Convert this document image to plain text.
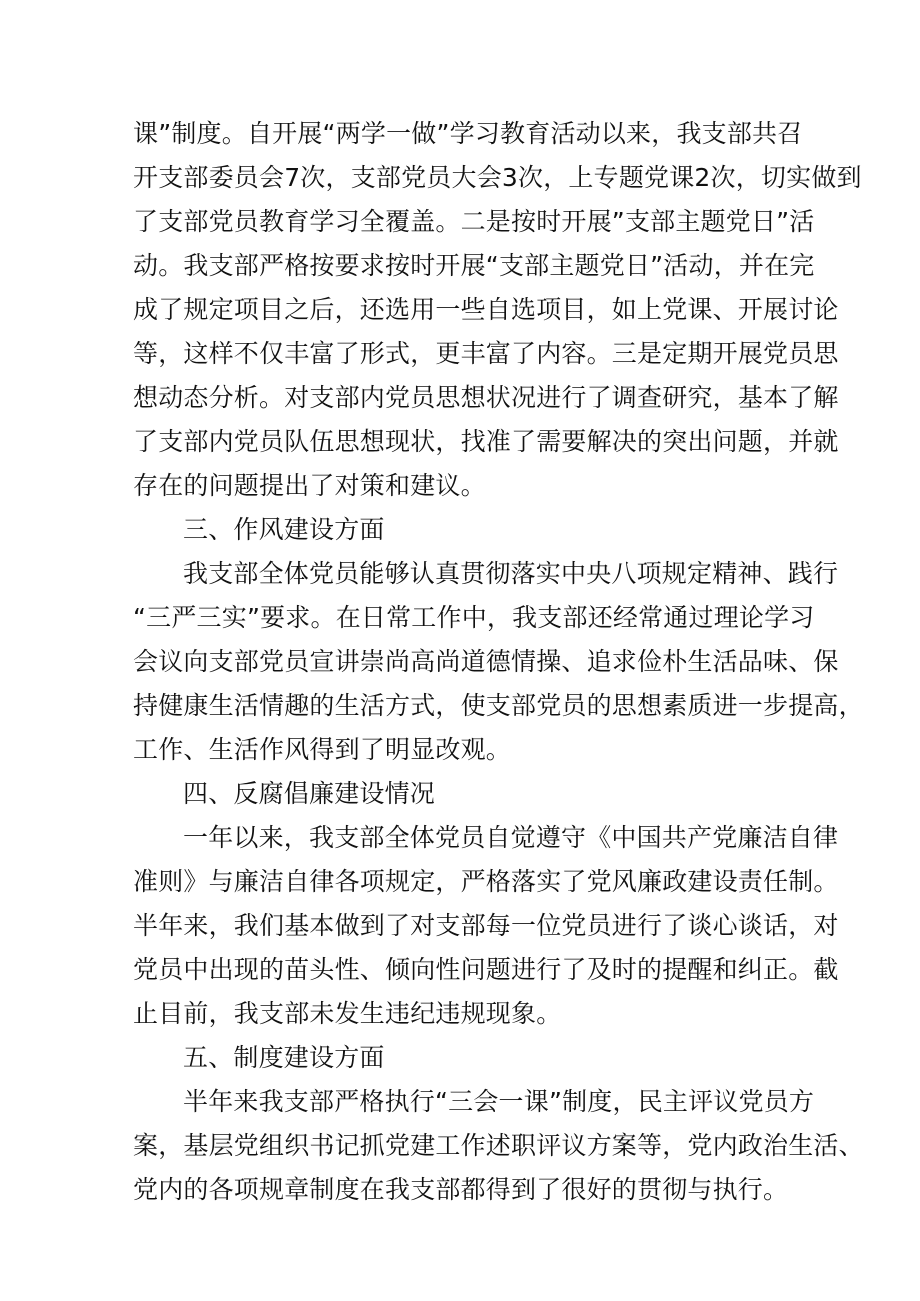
课”制度。自开展“两学一做”学习教育活动以来，我支部共召
开支部委员会7次，支部党员大会3次，上专题党课2次，切实做到
了支部党员教育学习全覆盖。二是按时开展”支部主题党日”活
动。我支部严格按要求按时开展“支部主题党日”活动，并在完
成了规定项目之后，还选用一些自选项目，如上党课、开展讨论
等，这样不仅丰富了形式，更丰富了内容。三是定期开展党员思
想动态分析。对支部内党员思想状况进行了调查研究，基本了解
了支部内党员队伍思想现状，找准了需要解决的突出问题，并就
存在的问题提出了对策和建议。
三、作风建设方面
我支部全体党员能够认真贯彻落实中央八项规定精神、践行
“三严三实”要求。在日常工作中，我支部还经常通过理论学习
会议向支部党员宣讲崇尚高尚道德情操、追求俭朴生活品味、保
持健康生活情趣的生活方式，使支部党员的思想素质进一步提高，
工作、生活作风得到了明显改观。
四、反腐倡廉建设情况
一年以来，我支部全体党员自觉遵守《中国共产党廉洁自律
准则》与廉洁自律各项规定，严格落实了党风廉政建设责任制。
半年来，我们基本做到了对支部每一位党员进行了谈心谈话，对
党员中出现的苗头性、倾向性问题进行了及时的提醒和纠正。截
止目前，我支部未发生违纪违规现象。
五、制度建设方面
半年来我支部严格执行“三会一课”制度，民主评议党员方
案，基层党组织书记抓党建工作述职评议方案等，党内政治生活、
党内的各项规章制度在我支部都得到了很好的贯彻与执行。
